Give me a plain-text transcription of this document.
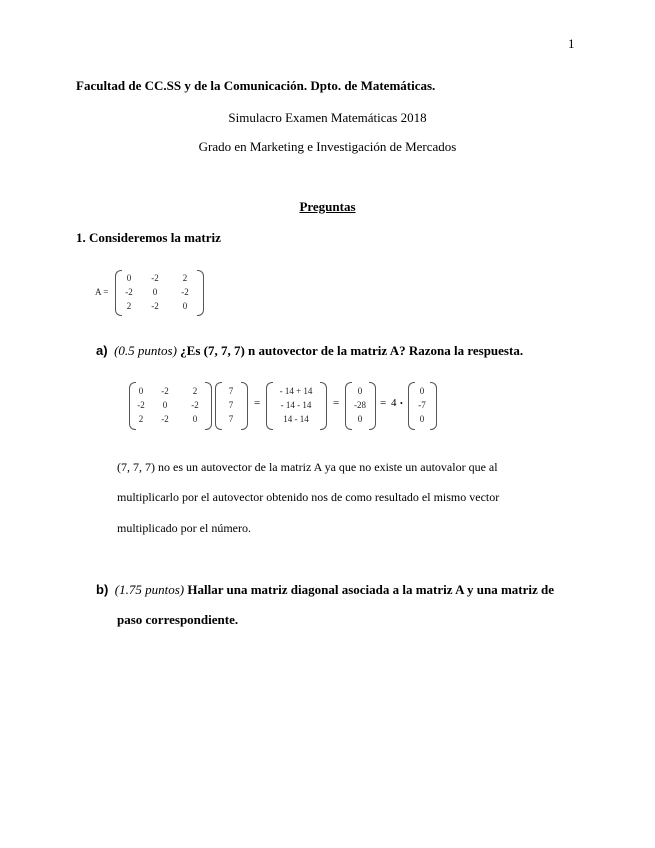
1
Facultad de CC.SS y de la Comunicación. Dpto. de Matemáticas.
Simulacro Examen Matemáticas 2018
Grado en Marketing e Investigación de Mercados
Preguntas
1. Consideremos la matriz
A =
0	-2	2
-2	0	-2
2	-2	0
a) (0.5 puntos) ¿Es (7, 7, 7) n autovector de la matriz A? Razona la respuesta.
0	-2	2
-2	0	-2
2	-2	0
7
7
7
=
- 14 + 14
- 14 - 14
14 - 14
=
0
-28
0
= 4 •
0
-7
0
(7, 7, 7) no es un autovector de la matriz A ya que no existe un autovalor que al
multiplicarlo por el autovector obtenido nos de como resultado el mismo vector
multiplicado por el número.
b) (1.75 puntos) Hallar una matriz diagonal asociada a la matriz A y una matriz de
paso correspondiente.
